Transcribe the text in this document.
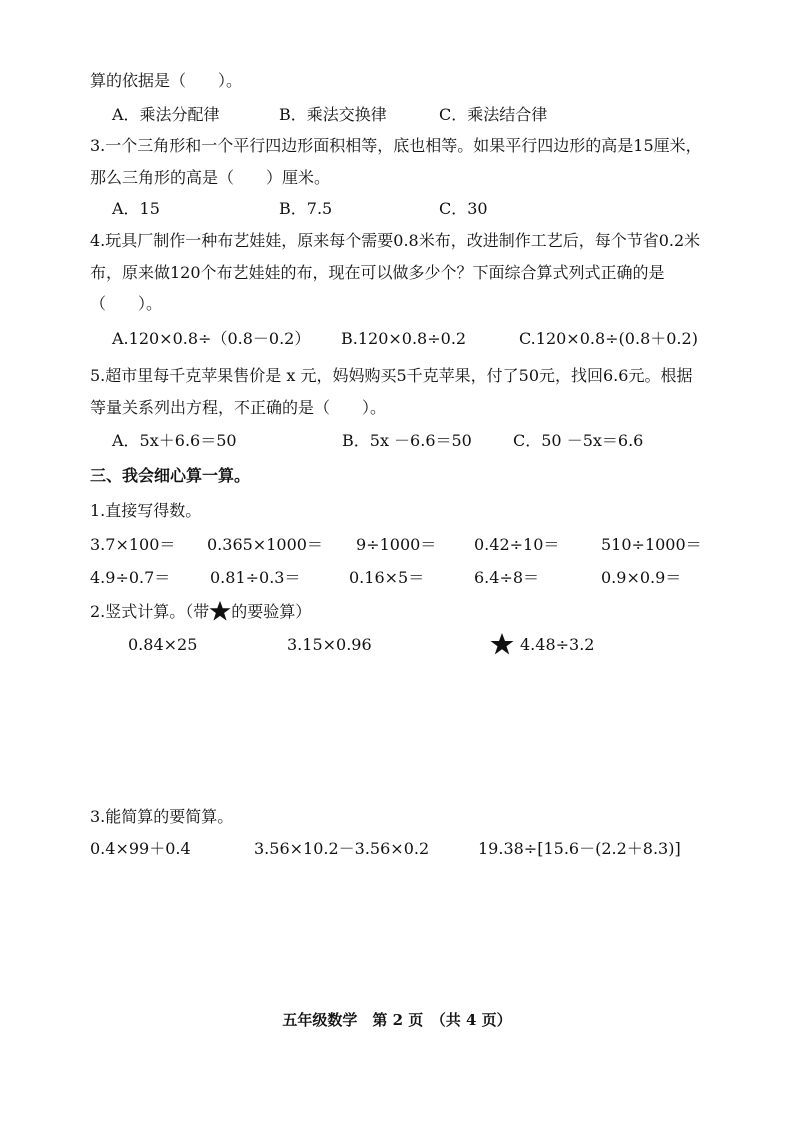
算的依据是（　　）。
A．乘法分配律	B．乘法交换律	C．乘法结合律
3.一个三角形和一个平行四边形面积相等，底也相等。如果平行四边形的高是15厘米，那么三角形的高是（　　）厘米。
A．15	B．7.5	C．30
4.玩具厂制作一种布艺娃娃，原来每个需要0.8米布，改进制作工艺后，每个节省0.2米布，原来做120个布艺娃娃的布，现在可以做多少个？下面综合算式列式正确的是（　　）。
A.120×0.8÷（0.8－0.2） B.120×0.8÷0.2	C.120×0.8÷(0.8＋0.2)
5.超市里每千克苹果售价是 x 元，妈妈购买5千克苹果，付了50元，找回6.6元。根据等量关系列出方程，不正确的是（　　）。
A．5x＋6.6＝50	B．5x －6.6＝50	C．50 －5x＝6.6
三、我会细心算一算。
1.直接写得数。
3.7×100＝ 0.365×1000＝ 9÷1000＝ 0.42÷10＝	510÷1000＝
4.9÷0.7＝ 0.81÷0.3＝	0.16×5＝	6.4÷8＝	0.9×0.9＝
2.竖式计算。（带 的要验算）
0.84×25	3.15×0.96	4.48÷3.2
3.能简算的要简算。
0.4×99＋0.4	3.56×10.2－3.56×0.2	19.38÷[15.6－(2.2＋8.3)]
五年级数学　第 2 页　（共 4 页）
